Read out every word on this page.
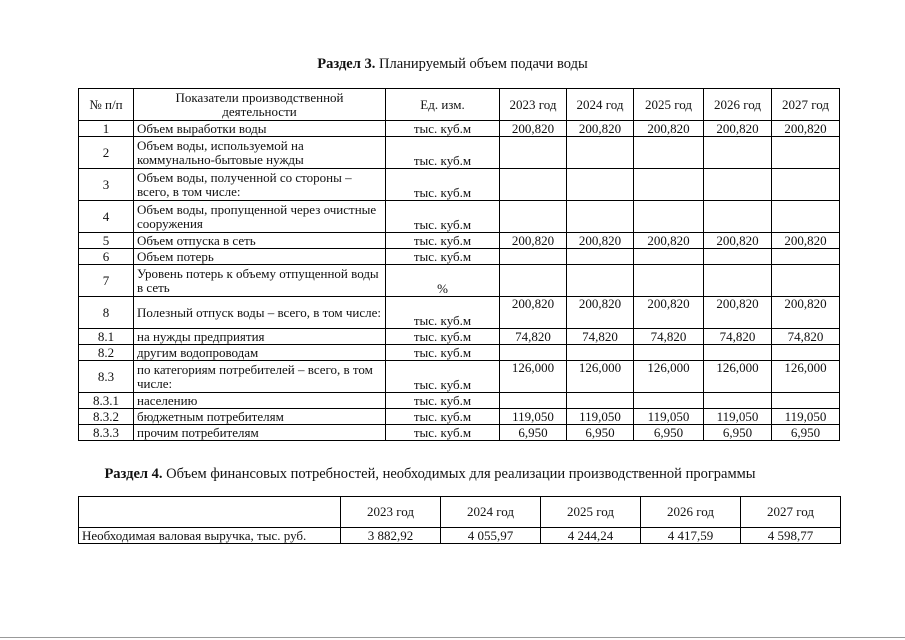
Раздел 3. Планируемый объем подачи воды
№ п/п	Показатели производственной деятельности	Ед. изм.	2023 год	2024 год	2025 год	2026 год	2027 год
1	Объем выработки воды	тыс. куб.м	200,820	200,820	200,820	200,820	200,820
2	Объем воды, используемой на коммунально-бытовые нужды	тыс. куб.м					
3	Объем воды, полученной со стороны – всего, в том числе:	тыс. куб.м					
4	Объем воды, пропущенной через очистные сооружения	тыс. куб.м					
5	Объем отпуска в сеть	тыс. куб.м	200,820	200,820	200,820	200,820	200,820
6	Объем потерь	тыс. куб.м					
7	Уровень потерь к объему отпущенной воды в сеть	%					
8	Полезный отпуск воды – всего, в том числе:	тыс. куб.м	200,820	200,820	200,820	200,820	200,820
8.1	на нужды предприятия	тыс. куб.м	74,820	74,820	74,820	74,820	74,820
8.2	другим водопроводам	тыс. куб.м					
8.3	по категориям потребителей – всего, в том числе:	тыс. куб.м	126,000	126,000	126,000	126,000	126,000
8.3.1	населению	тыс. куб.м					
8.3.2	бюджетным потребителям	тыс. куб.м	119,050	119,050	119,050	119,050	119,050
8.3.3	прочим потребителям	тыс. куб.м	6,950	6,950	6,950	6,950	6,950
Раздел 4. Объем финансовых потребностей, необходимых для реализации производственной программы
	2023 год	2024 год	2025 год	2026 год	2027 год
Необходимая валовая выручка, тыс. руб.	3 882,92	4 055,97	4 244,24	4 417,59	4 598,77
